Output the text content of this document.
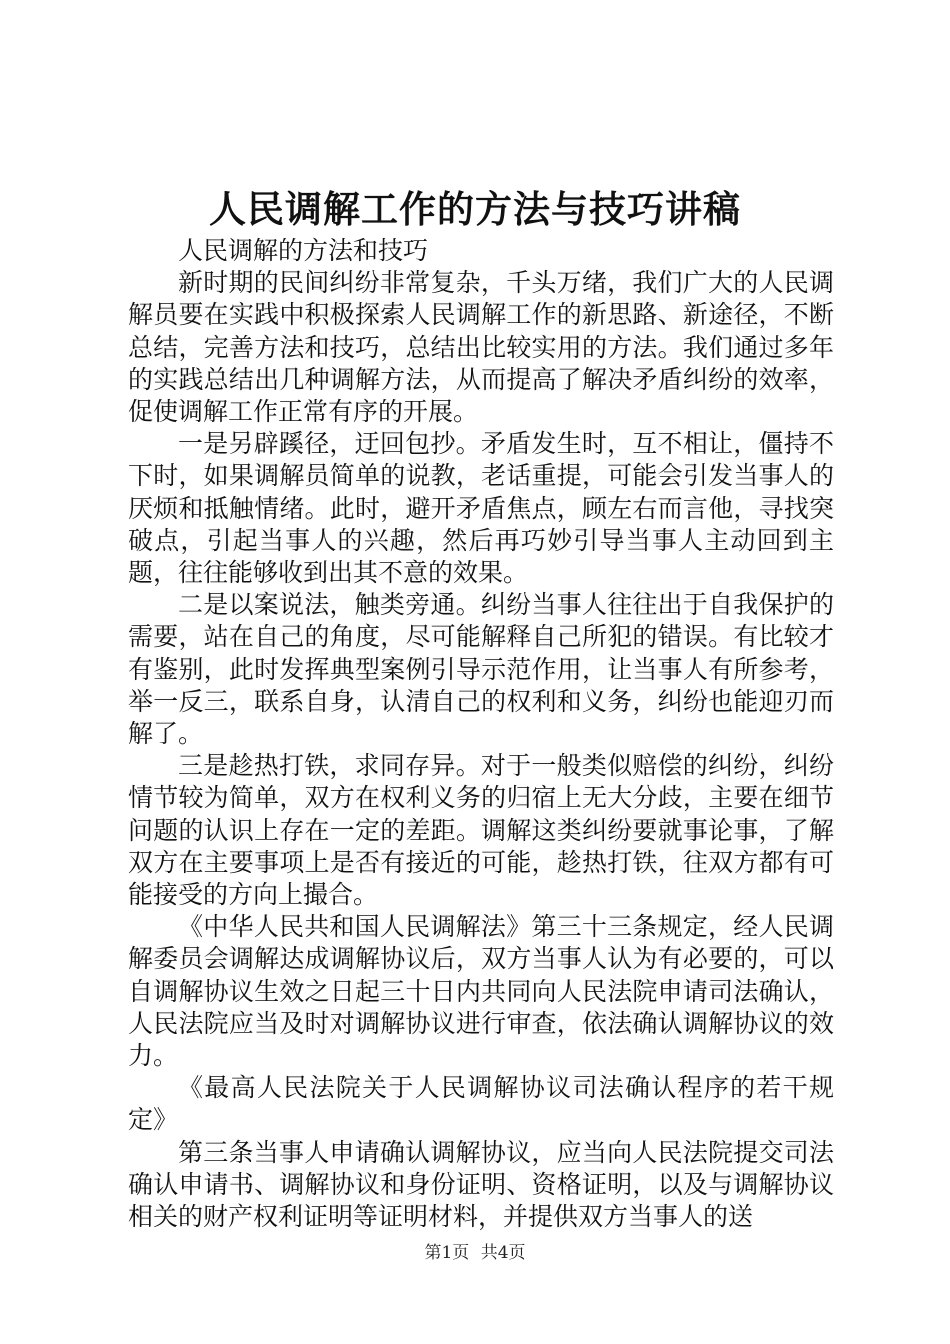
人民调解工作的方法与技巧讲稿

人民调解的方法和技巧

新时期的民间纠纷非常复杂，千头万绪，我们广大的人民调解员要在实践中积极探索人民调解工作的新思路、新途径，不断总结，完善方法和技巧，总结出比较实用的方法。我们通过多年的实践总结出几种调解方法，从而提高了解决矛盾纠纷的效率，促使调解工作正常有序的开展。

一是另辟蹊径，迂回包抄。矛盾发生时，互不相让，僵持不下时，如果调解员简单的说教，老话重提，可能会引发当事人的厌烦和抵触情绪。此时，避开矛盾焦点，顾左右而言他，寻找突破点，引起当事人的兴趣，然后再巧妙引导当事人主动回到主题，往往能够收到出其不意的效果。

二是以案说法，触类旁通。纠纷当事人往往出于自我保护的需要，站在自己的角度，尽可能解释自己所犯的错误。有比较才有鉴别，此时发挥典型案例引导示范作用，让当事人有所参考，举一反三，联系自身，认清自己的权利和义务，纠纷也能迎刃而解了。

三是趁热打铁，求同存异。对于一般类似赔偿的纠纷，纠纷情节较为简单，双方在权利义务的归宿上无大分歧，主要在细节问题的认识上存在一定的差距。调解这类纠纷要就事论事，了解双方在主要事项上是否有接近的可能，趁热打铁，往双方都有可能接受的方向上撮合。

《中华人民共和国人民调解法》第三十三条规定，经人民调解委员会调解达成调解协议后，双方当事人认为有必要的，可以自调解协议生效之日起三十日内共同向人民法院申请司法确认，人民法院应当及时对调解协议进行审查，依法确认调解协议的效力。

《最高人民法院关于人民调解协议司法确认程序的若干规定》

第三条当事人申请确认调解协议，应当向人民法院提交司法确认申请书、调解协议和身份证明、资格证明，以及与调解协议相关的财产权利证明等证明材料，并提供双方当事人的送

第1页 共4页
